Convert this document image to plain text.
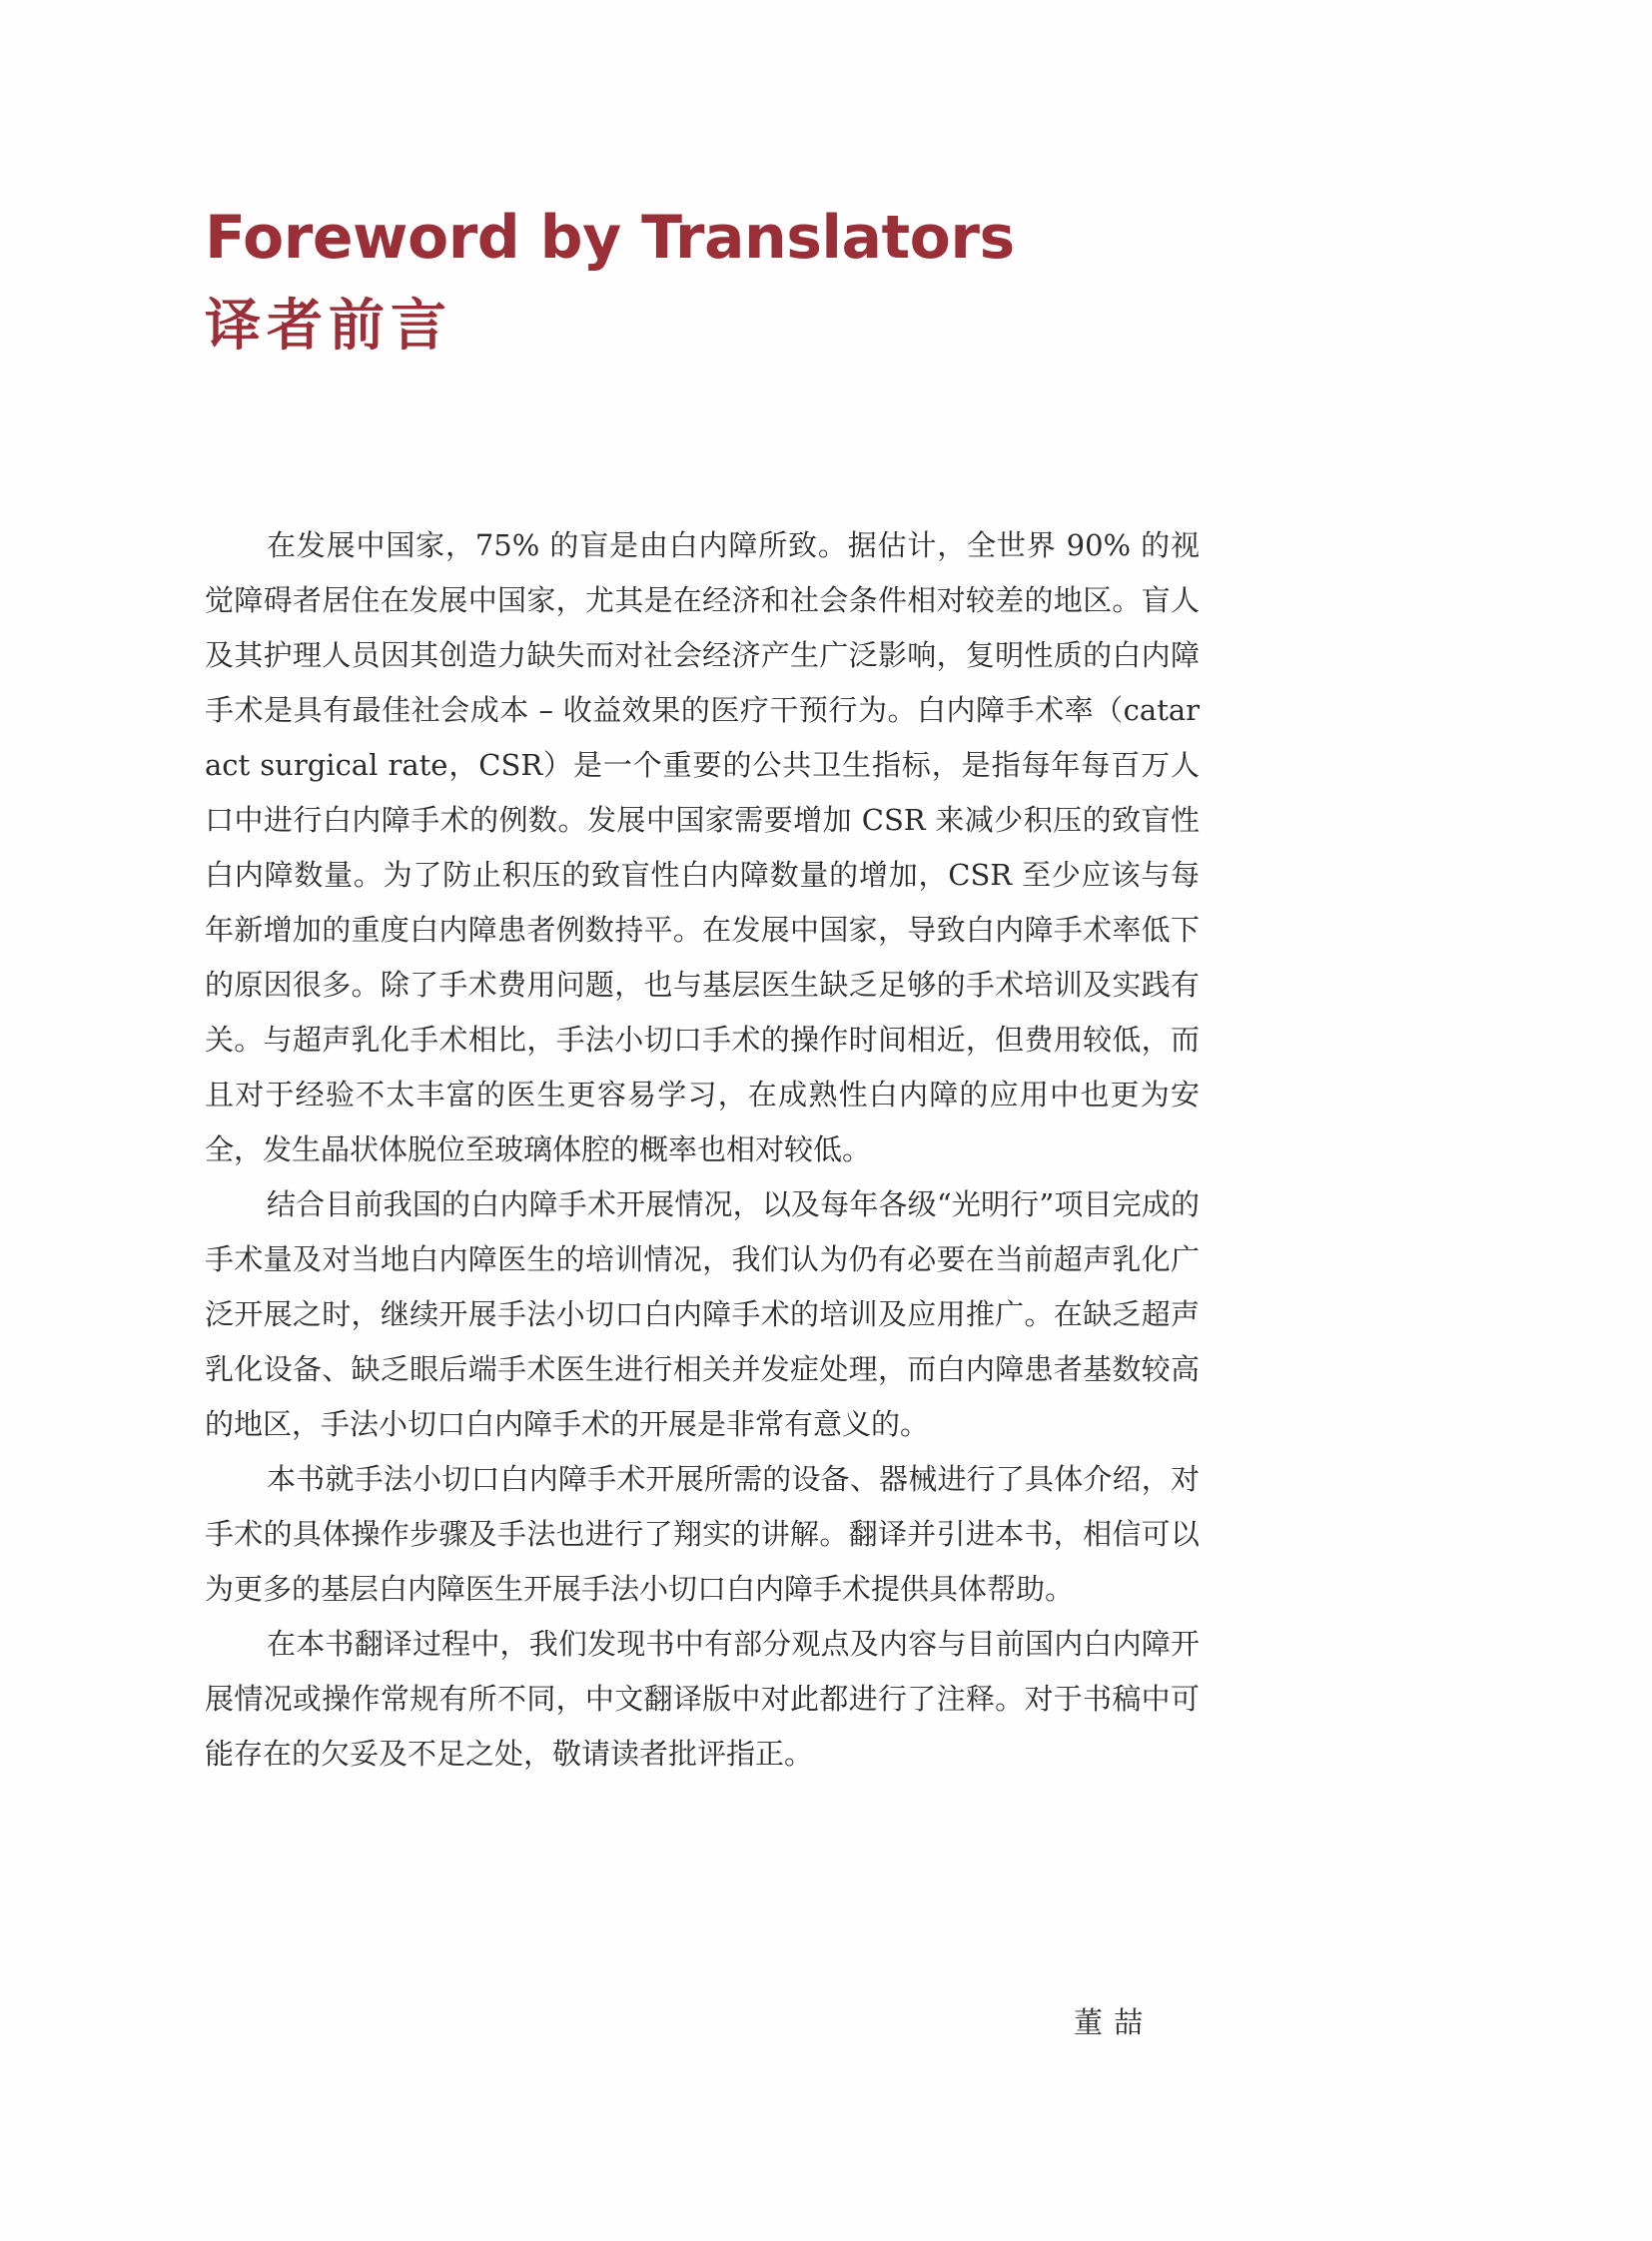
Foreword by Translators
译者前言

在发展中国家，75% 的盲是由白内障所致。据估计，全世界 90% 的视觉障碍者居住在发展中国家，尤其是在经济和社会条件相对较差的地区。盲人及其护理人员因其创造力缺失而对社会经济产生广泛影响，复明性质的白内障手术是具有最佳社会成本 – 收益效果的医疗干预行为。白内障手术率（cataract surgical rate，CSR）是一个重要的公共卫生指标，是指每年每百万人口中进行白内障手术的例数。发展中国家需要增加 CSR 来减少积压的致盲性白内障数量。为了防止积压的致盲性白内障数量的增加，CSR 至少应该与每年新增加的重度白内障患者例数持平。在发展中国家，导致白内障手术率低下的原因很多。除了手术费用问题，也与基层医生缺乏足够的手术培训及实践有关。与超声乳化手术相比，手法小切口手术的操作时间相近，但费用较低，而且对于经验不太丰富的医生更容易学习，在成熟性白内障的应用中也更为安全，发生晶状体脱位至玻璃体腔的概率也相对较低。

结合目前我国的白内障手术开展情况，以及每年各级“光明行”项目完成的手术量及对当地白内障医生的培训情况，我们认为仍有必要在当前超声乳化广泛开展之时，继续开展手法小切口白内障手术的培训及应用推广。在缺乏超声乳化设备、缺乏眼后端手术医生进行相关并发症处理，而白内障患者基数较高的地区，手法小切口白内障手术的开展是非常有意义的。

本书就手法小切口白内障手术开展所需的设备、器械进行了具体介绍，对手术的具体操作步骤及手法也进行了翔实的讲解。翻译并引进本书，相信可以为更多的基层白内障医生开展手法小切口白内障手术提供具体帮助。

在本书翻译过程中，我们发现书中有部分观点及内容与目前国内白内障开展情况或操作常规有所不同，中文翻译版中对此都进行了注释。对于书稿中可能存在的欠妥及不足之处，敬请读者批评指正。

董 喆
